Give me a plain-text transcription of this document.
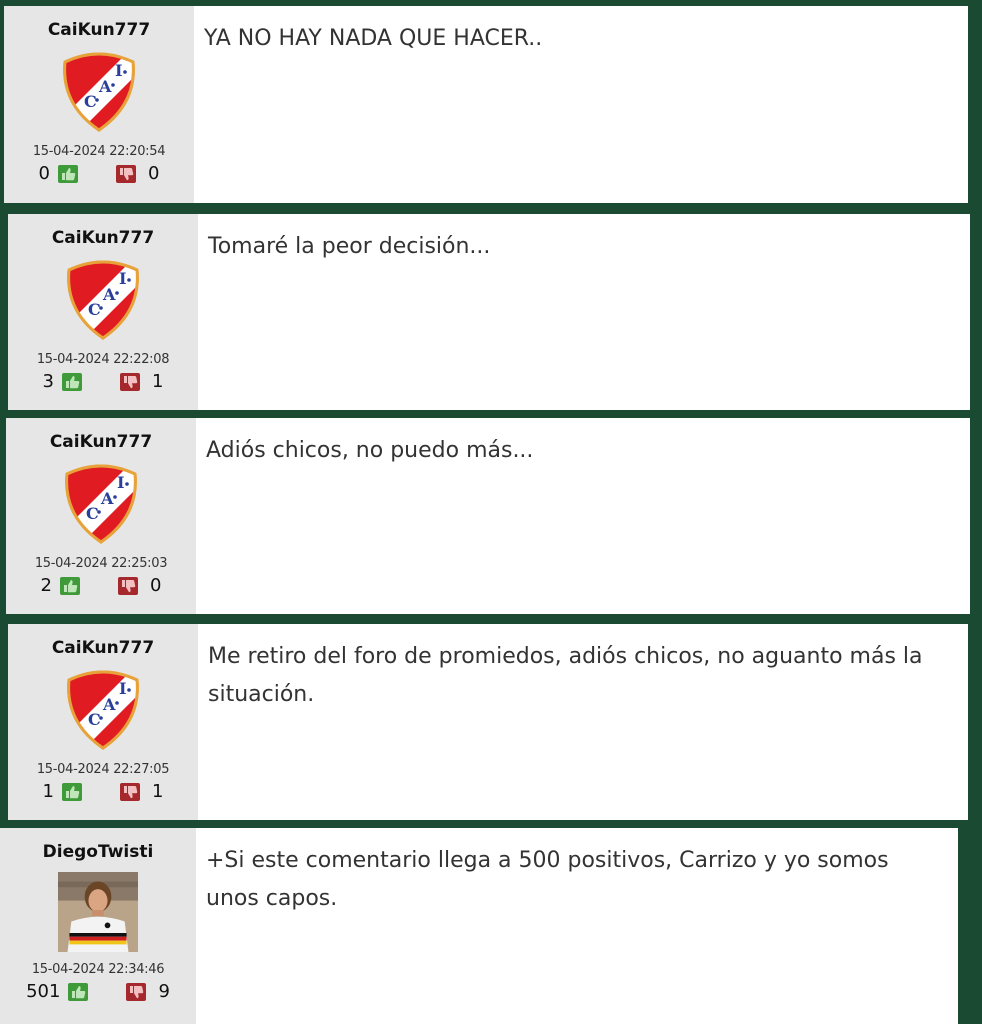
CaiKun777
15-04-2024 22:20:54
0	0

YA NO HAY NADA QUE HACER..

CaiKun777
15-04-2024 22:22:08
3	1

Tomaré la peor decisión...

CaiKun777
15-04-2024 22:25:03
2	0

Adiós chicos, no puedo más...

CaiKun777
15-04-2024 22:27:05
1	1

Me retiro del foro de promiedos, adiós chicos, no aguanto más la situación.

DiegoTwisti
15-04-2024 22:34:46
501	9

+Si este comentario llega a 500 positivos, Carrizo y yo somos unos capos.
